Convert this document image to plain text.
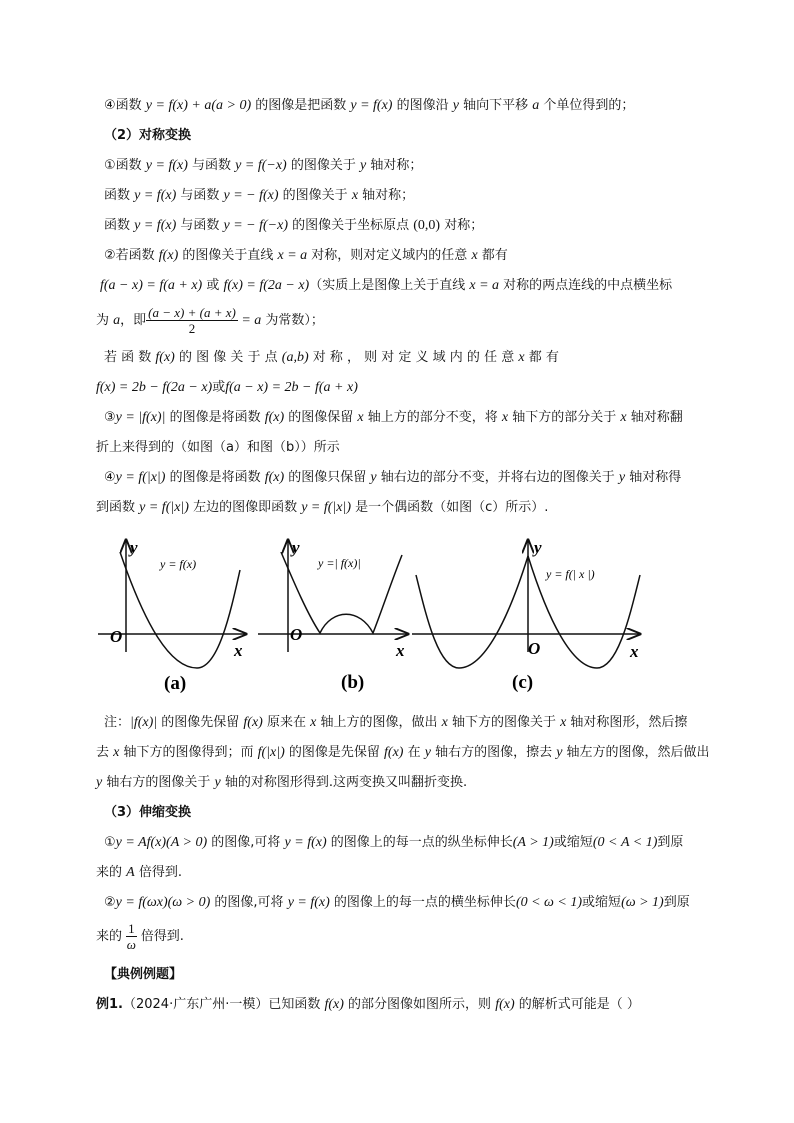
④函数 y = f(x) + a(a > 0) 的图像是把函数 y = f(x) 的图像沿 y 轴向下平移 a 个单位得到的；
（2）对称变换
①函数 y = f(x) 与函数 y = f(−x) 的图像关于 y 轴对称；
函数 y = f(x) 与函数 y = − f(x) 的图像关于 x 轴对称；
函数 y = f(x) 与函数 y = − f(−x) 的图像关于坐标原点 (0,0) 对称；
②若函数 f(x) 的图像关于直线 x = a 对称，则对定义域内的任意 x 都有
f(a − x) = f(a + x) 或 f(x) = f(2a − x)（实质上是图像上关于直线 x = a 对称的两点连线的中点横坐标
为 a，即 $\frac{(a - x) + (a + x)}{2} = a$ 为常数）；
若 函 数 f(x) 的 图 像 关 于 点 (a,b) 对 称 ， 则 对 定 义 域 内 的 任 意 x 都 有
f(x) = 2b − f(2a − x)或f(a − x) = 2b − f(a + x)
③y = |f(x)| 的图像是将函数 f(x) 的图像保留 x 轴上方的部分不变，将 x 轴下方的部分关于 x 轴对称翻
折上来得到的（如图（a）和图（b））所示
④y = f(|x|) 的图像是将函数 f(x) 的图像只保留 y 轴右边的部分不变，并将右边的图像关于 y 轴对称得
到函数 y = f(|x|) 左边的图像即函数 y = f(|x|) 是一个偶函数（如图（c）所示）.
y = f(x)
O
x
y
(a)
y =| f(x)|
O
x
y
(b)
y = f(| x |)
O	x
y
(c)
注：|f(x)| 的图像先保留 f(x) 原来在 x 轴上方的图像，做出 x 轴下方的图像关于 x 轴对称图形，然后擦
去 x 轴下方的图像得到；而 f(|x|) 的图像是先保留 f(x) 在 y 轴右方的图像，擦去 y 轴左方的图像，然后做出
y 轴右方的图像关于 y 轴的对称图形得到.这两变换又叫翻折变换.
（3）伸缩变换
①y = Af(x)(A > 0) 的图像,可将 y = f(x) 的图像上的每一点的纵坐标伸长(A > 1)或缩短(0 < A < 1)到原
来的 A 倍得到.
②y = f(ωx)(ω > 0) 的图像,可将 y = f(x) 的图像上的每一点的横坐标伸长(0 < ω < 1)或缩短(ω > 1)到原
来的 $\frac{1}{\omega}$ 倍得到.
【典例例题】
例1.（2024·广东广州·一模）已知函数 f(x) 的部分图像如图所示，则 f(x) 的解析式可能是（ ）
